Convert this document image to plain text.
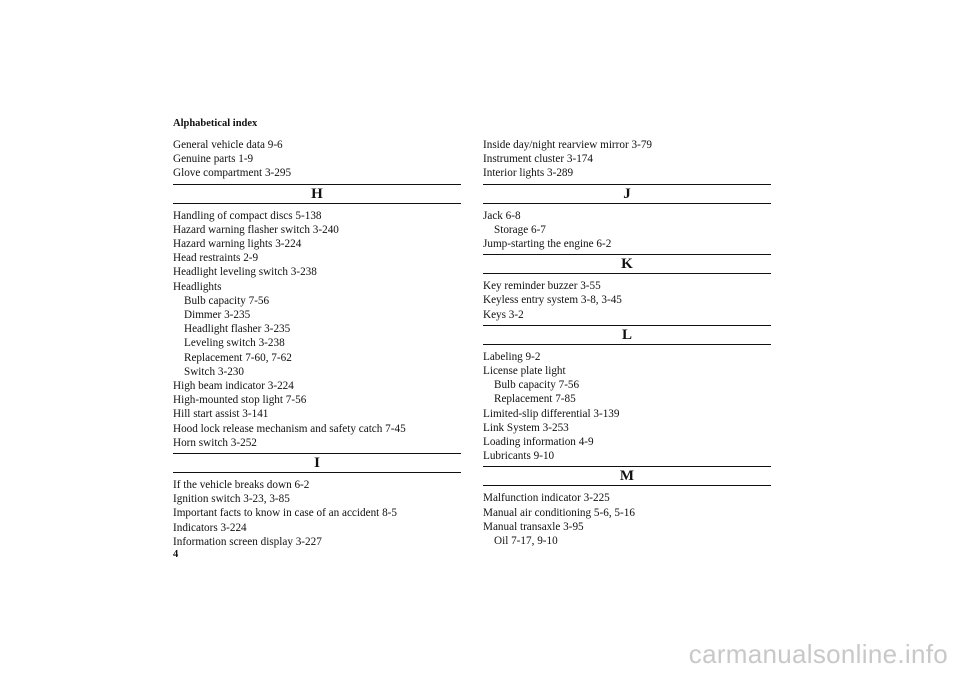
Alphabetical index
General vehicle data 9-6
Genuine parts 1-9
Glove compartment 3-295
H
Handling of compact discs 5-138
Hazard warning flasher switch 3-240
Hazard warning lights 3-224
Head restraints 2-9
Headlight leveling switch 3-238
Headlights
Bulb capacity 7-56
Dimmer 3-235
Headlight flasher 3-235
Leveling switch 3-238
Replacement 7-60, 7-62
Switch 3-230
High beam indicator 3-224
High-mounted stop light 7-56
Hill start assist 3-141
Hood lock release mechanism and safety catch 7-45
Horn switch 3-252
I
If the vehicle breaks down 6-2
Ignition switch 3-23, 3-85
Important facts to know in case of an accident 8-5
Indicators 3-224
Information screen display 3-227
Inside day/night rearview mirror 3-79
Instrument cluster 3-174
Interior lights 3-289
J
Jack 6-8
Storage 6-7
Jump-starting the engine 6-2
K
Key reminder buzzer 3-55
Keyless entry system 3-8, 3-45
Keys 3-2
L
Labeling 9-2
License plate light
Bulb capacity 7-56
Replacement 7-85
Limited-slip differential 3-139
Link System 3-253
Loading information 4-9
Lubricants 9-10
M
Malfunction indicator 3-225
Manual air conditioning 5-6, 5-16
Manual transaxle 3-95
Oil 7-17, 9-10
4
carmanualsonline.info
